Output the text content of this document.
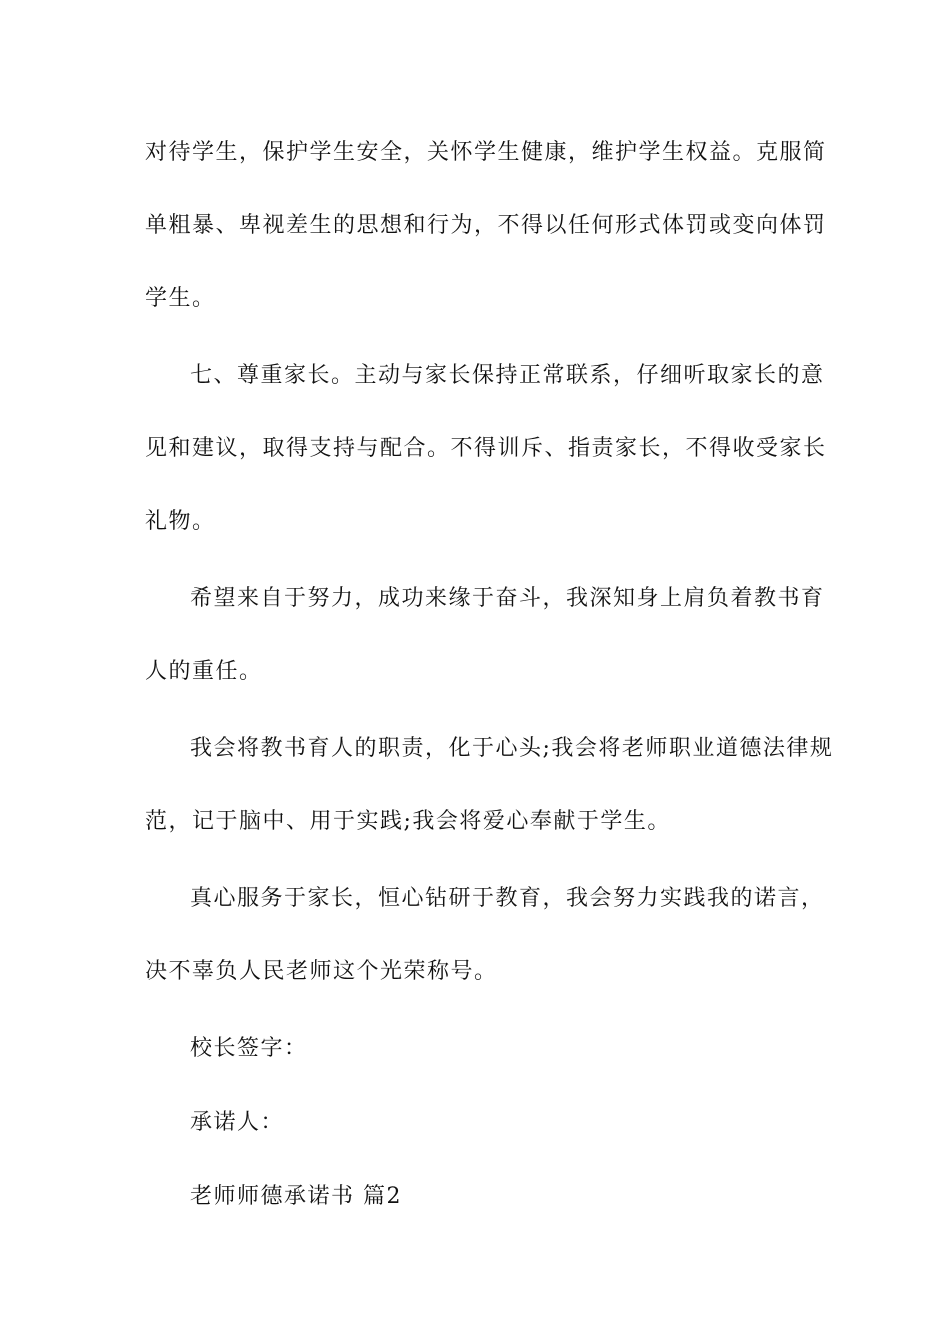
对待学生，保护学生安全，关怀学生健康，维护学生权益。克服简
单粗暴、卑视差生的思想和行为，不得以任何形式体罚或变向体罚
学生。
七、尊重家长。主动与家长保持正常联系，仔细听取家长的意
见和建议，取得支持与配合。不得训斥、指责家长，不得收受家长
礼物。
希望来自于努力，成功来缘于奋斗，我深知身上肩负着教书育
人的重任。
我会将教书育人的职责，化于心头;我会将老师职业道德法律规
范，记于脑中、用于实践;我会将爱心奉献于学生。
真心服务于家长，恒心钻研于教育，我会努力实践我的诺言，
决不辜负人民老师这个光荣称号。
校长签字：
承诺人：
老师师德承诺书 篇2
